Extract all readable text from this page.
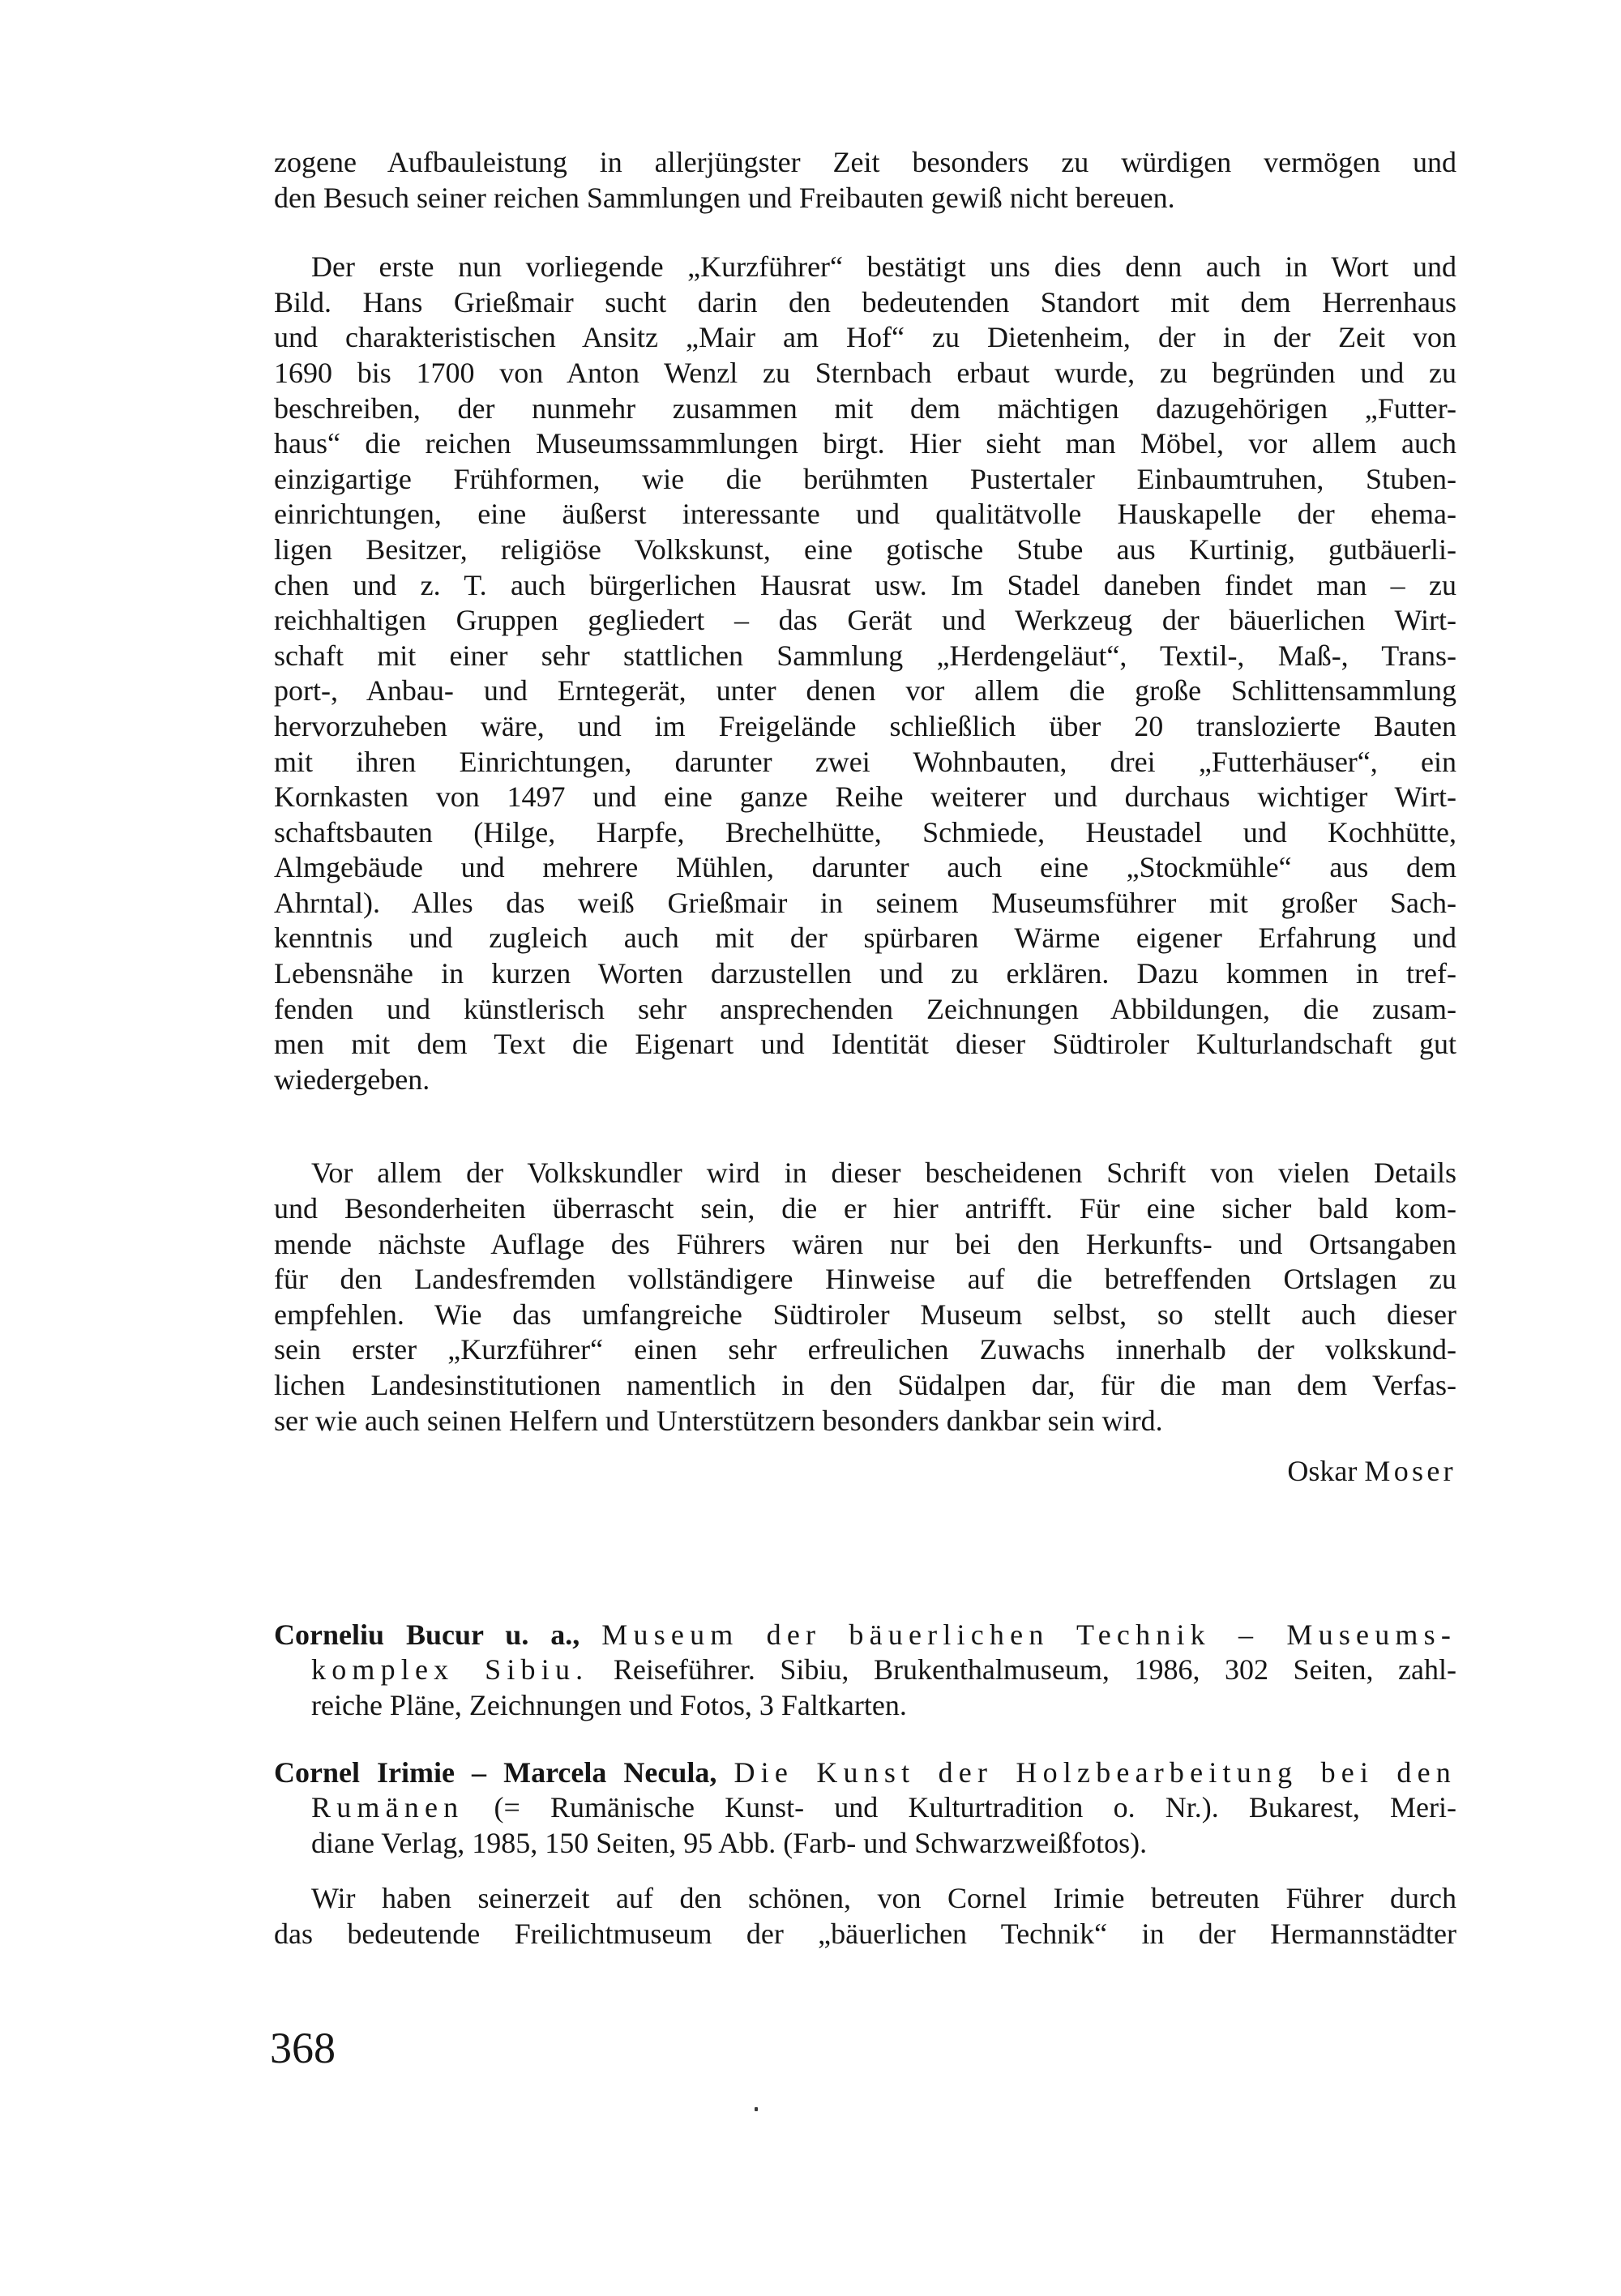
zogene Aufbauleistung in allerjüngster Zeit besonders zu würdigen vermögen und
den Besuch seiner reichen Sammlungen und Freibauten gewiß nicht bereuen.
Der erste nun vorliegende „Kurzführer“ bestätigt uns dies denn auch in Wort und
Bild. Hans Grießmair sucht darin den bedeutenden Standort mit dem Herrenhaus
und charakteristischen Ansitz „Mair am Hof“ zu Dietenheim, der in der Zeit von
1690 bis 1700 von Anton Wenzl zu Sternbach erbaut wurde, zu begründen und zu
beschreiben, der nunmehr zusammen mit dem mächtigen dazugehörigen „Futter-
haus“ die reichen Museumssammlungen birgt. Hier sieht man Möbel, vor allem auch
einzigartige Frühformen, wie die berühmten Pustertaler Einbaumtruhen, Stuben-
einrichtungen, eine äußerst interessante und qualitätvolle Hauskapelle der ehema-
ligen Besitzer, religiöse Volkskunst, eine gotische Stube aus Kurtinig, gutbäuerli-
chen und z. T. auch bürgerlichen Hausrat usw. Im Stadel daneben findet man – zu
reichhaltigen Gruppen gegliedert – das Gerät und Werkzeug der bäuerlichen Wirt-
schaft mit einer sehr stattlichen Sammlung „Herdengeläut“, Textil-, Maß-, Trans-
port-, Anbau- und Erntegerät, unter denen vor allem die große Schlittensammlung
hervorzuheben wäre, und im Freigelände schließlich über 20 translozierte Bauten
mit ihren Einrichtungen, darunter zwei Wohnbauten, drei „Futterhäuser“, ein
Kornkasten von 1497 und eine ganze Reihe weiterer und durchaus wichtiger Wirt-
schaftsbauten (Hilge, Harpfe, Brechelhütte, Schmiede, Heustadel und Kochhütte,
Almgebäude und mehrere Mühlen, darunter auch eine „Stockmühle“ aus dem
Ahrntal). Alles das weiß Grießmair in seinem Museumsführer mit großer Sach-
kenntnis und zugleich auch mit der spürbaren Wärme eigener Erfahrung und
Lebensnähe in kurzen Worten darzustellen und zu erklären. Dazu kommen in tref-
fenden und künstlerisch sehr ansprechenden Zeichnungen Abbildungen, die zusam-
men mit dem Text die Eigenart und Identität dieser Südtiroler Kulturlandschaft gut
wiedergeben.
Vor allem der Volkskundler wird in dieser bescheidenen Schrift von vielen Details
und Besonderheiten überrascht sein, die er hier antrifft. Für eine sicher bald kom-
mende nächste Auflage des Führers wären nur bei den Herkunfts- und Ortsangaben
für den Landesfremden vollständigere Hinweise auf die betreffenden Ortslagen zu
empfehlen. Wie das umfangreiche Südtiroler Museum selbst, so stellt auch dieser
sein erster „Kurzführer“ einen sehr erfreulichen Zuwachs innerhalb der volkskund-
lichen Landesinstitutionen namentlich in den Südalpen dar, für die man dem Verfas-
ser wie auch seinen Helfern und Unterstützern besonders dankbar sein wird.
Oskar Moser
Corneliu Bucur u. a., Museum der bäuerlichen Technik – Museums-
komplex Sibiu. Reiseführer. Sibiu, Brukenthalmuseum, 1986, 302 Seiten, zahl-
reiche Pläne, Zeichnungen und Fotos, 3 Faltkarten.
Cornel Irimie – Marcela Necula, Die Kunst der Holzbearbeitung bei den
Rumänen (= Rumänische Kunst- und Kulturtradition o. Nr.). Bukarest, Meri-
diane Verlag, 1985, 150 Seiten, 95 Abb. (Farb- und Schwarzweißfotos).
Wir haben seinerzeit auf den schönen, von Cornel Irimie betreuten Führer durch
das bedeutende Freilichtmuseum der „bäuerlichen Technik“ in der Hermannstädter
368
